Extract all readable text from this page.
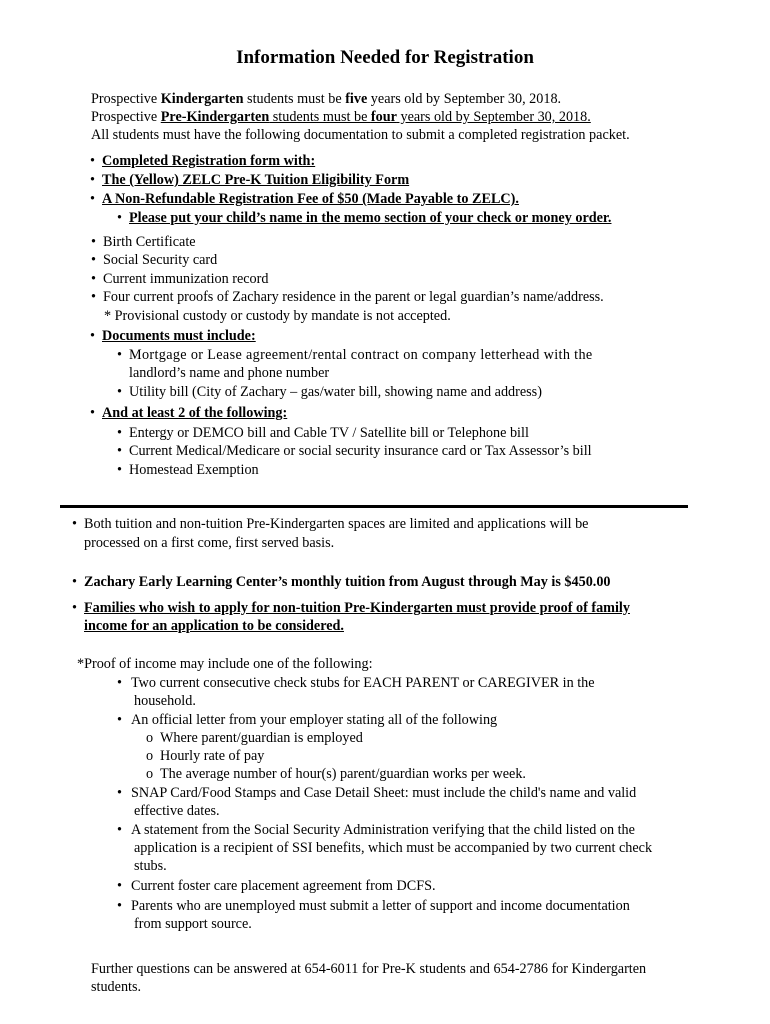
Information Needed for Registration
Prospective Kindergarten students must be five years old by September 30, 2018.
Prospective Pre-Kindergarten students must be four years old by September 30, 2018.
All students must have the following documentation to submit a completed registration packet.
• Completed Registration form with:
• The (Yellow) ZELC Pre-K Tuition Eligibility Form
• A Non-Refundable Registration Fee of $50 (Made Payable to ZELC).
• Please put your child’s name in the memo section of your check or money order.
• Birth Certificate
• Social Security card
• Current immunization record
• Four current proofs of Zachary residence in the parent or legal guardian’s name/address.
* Provisional custody or custody by mandate is not accepted.
• Documents must include:
• Mortgage or Lease agreement/rental contract on company letterhead with the
landlord’s name and phone number
• Utility bill (City of Zachary – gas/water bill, showing name and address)
• And at least 2 of the following:
• Entergy or DEMCO bill and Cable TV / Satellite bill or Telephone bill
• Current Medical/Medicare or social security insurance card or Tax Assessor’s bill
• Homestead Exemption
• Both tuition and non-tuition Pre-Kindergarten spaces are limited and applications will be
processed on a first come, first served basis.
• Zachary Early Learning Center’s monthly tuition from August through May is $450.00
• Families who wish to apply for non-tuition Pre-Kindergarten must provide proof of family
income for an application to be considered.
*Proof of income may include one of the following:
• Two current consecutive check stubs for EACH PARENT or CAREGIVER in the
household.
• An official letter from your employer stating all of the following
o Where parent/guardian is employed
o Hourly rate of pay
o The average number of hour(s) parent/guardian works per week.
• SNAP Card/Food Stamps and Case Detail Sheet: must include the child's name and valid
effective dates.
• A statement from the Social Security Administration verifying that the child listed on the
application is a recipient of SSI benefits, which must be accompanied by two current check
stubs.
• Current foster care placement agreement from DCFS.
• Parents who are unemployed must submit a letter of support and income documentation
from support source.
Further questions can be answered at 654-6011 for Pre-K students and 654-2786 for Kindergarten
students.
